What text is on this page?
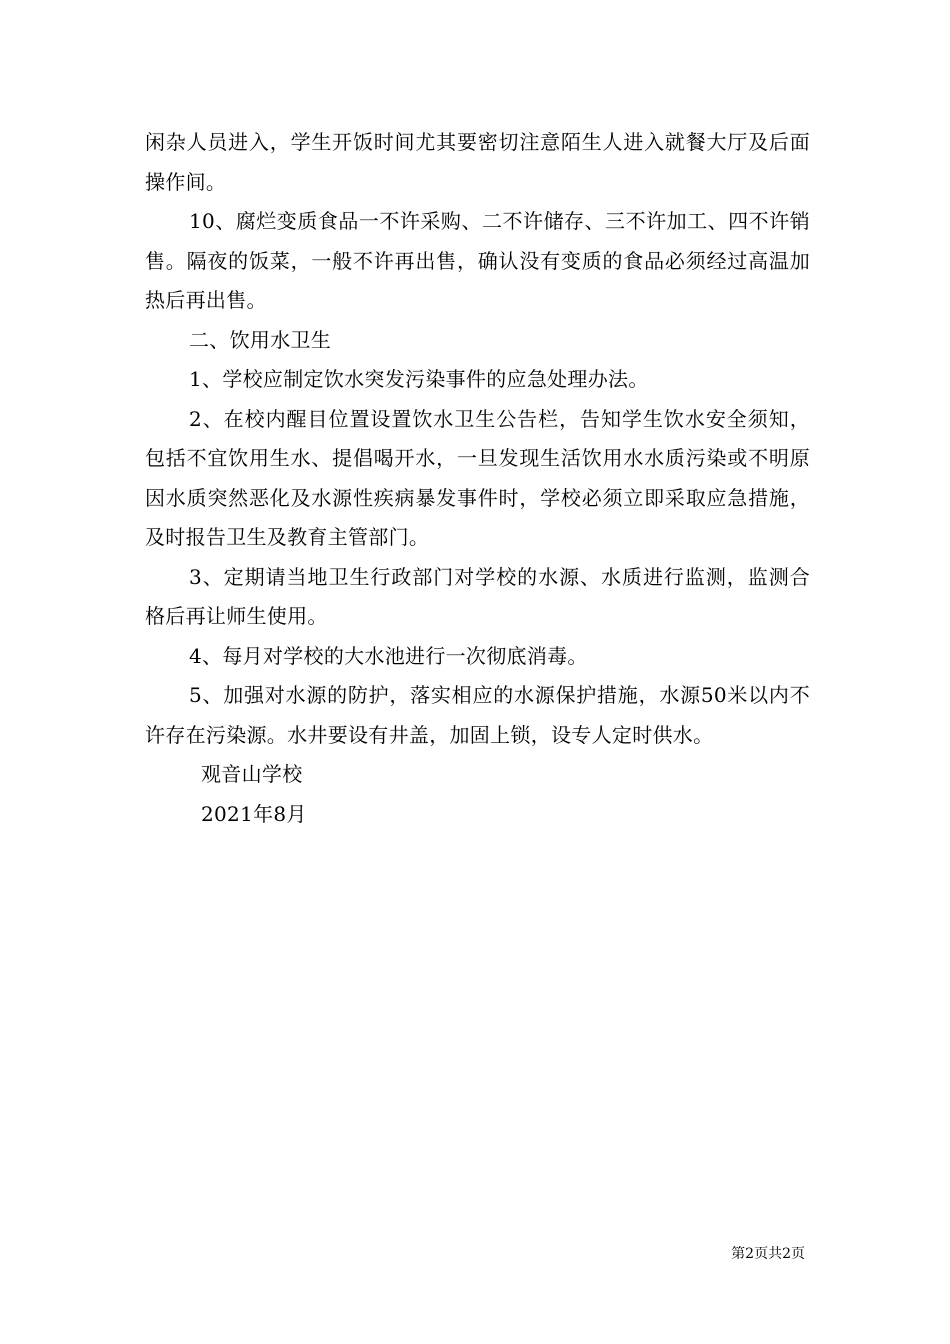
闲杂人员进入，学生开饭时间尤其要密切注意陌生人进入就餐大厅及后面操作间。

10、腐烂变质食品一不许采购、二不许储存、三不许加工、四不许销售。隔夜的饭菜，一般不许再出售，确认没有变质的食品必须经过高温加热后再出售。

二、饮用水卫生

1、学校应制定饮水突发污染事件的应急处理办法。

2、在校内醒目位置设置饮水卫生公告栏，告知学生饮水安全须知，包括不宜饮用生水、提倡喝开水，一旦发现生活饮用水水质污染或不明原因水质突然恶化及水源性疾病暴发事件时，学校必须立即采取应急措施，及时报告卫生及教育主管部门。

3、定期请当地卫生行政部门对学校的水源、水质进行监测，监测合格后再让师生使用。

4、每月对学校的大水池进行一次彻底消毒。

5、加强对水源的防护，落实相应的水源保护措施，水源50米以内不许存在污染源。水井要设有井盖，加固上锁，设专人定时供水。

观音山学校

2021年8月

第2页共2页
